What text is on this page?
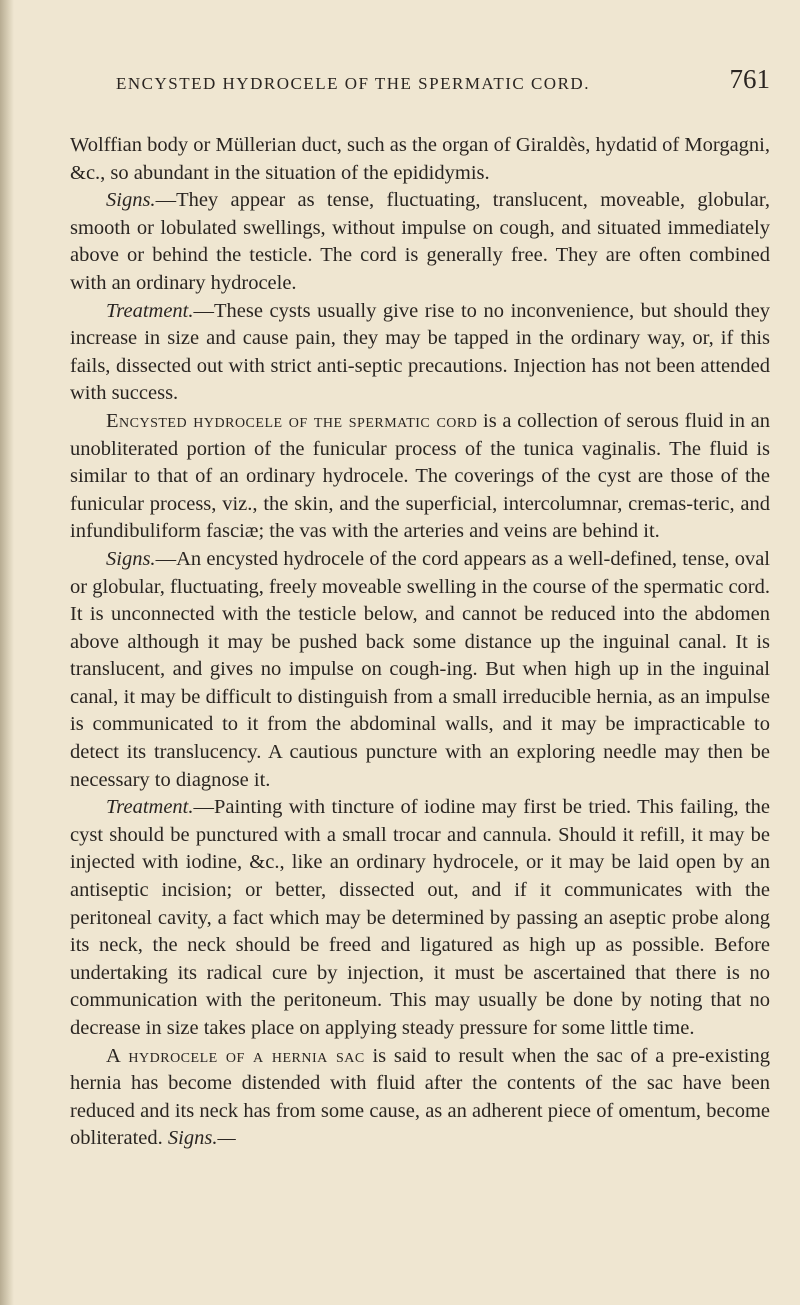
ENCYSTED HYDROCELE OF THE SPERMATIC CORD.	761

Wolffian body or Müllerian duct, such as the organ of Giraldès, hydatid of Morgagni, &c., so abundant in the situation of the epididymis.

Signs.—They appear as tense, fluctuating, translucent, moveable, globular, smooth or lobulated swellings, without impulse on cough, and situated immediately above or behind the testicle. The cord is generally free. They are often combined with an ordinary hydrocele.

Treatment.—These cysts usually give rise to no inconvenience, but should they increase in size and cause pain, they may be tapped in the ordinary way, or, if this fails, dissected out with strict anti-septic precautions. Injection has not been attended with success.

Encysted hydrocele of the spermatic cord is a collection of serous fluid in an unobliterated portion of the funicular process of the tunica vaginalis. The fluid is similar to that of an ordinary hydrocele. The coverings of the cyst are those of the funicular process, viz., the skin, and the superficial, intercolumnar, cremas-teric, and infundibuliform fasciæ; the vas with the arteries and veins are behind it.

Signs.—An encysted hydrocele of the cord appears as a well-defined, tense, oval or globular, fluctuating, freely moveable swelling in the course of the spermatic cord. It is unconnected with the testicle below, and cannot be reduced into the abdomen above although it may be pushed back some distance up the inguinal canal. It is translucent, and gives no impulse on cough-ing. But when high up in the inguinal canal, it may be difficult to distinguish from a small irreducible hernia, as an impulse is communicated to it from the abdominal walls, and it may be impracticable to detect its translucency. A cautious puncture with an exploring needle may then be necessary to diagnose it.

Treatment.—Painting with tincture of iodine may first be tried. This failing, the cyst should be punctured with a small trocar and cannula. Should it refill, it may be injected with iodine, &c., like an ordinary hydrocele, or it may be laid open by an antiseptic incision; or better, dissected out, and if it communicates with the peritoneal cavity, a fact which may be determined by passing an aseptic probe along its neck, the neck should be freed and ligatured as high up as possible. Before undertaking its radical cure by injection, it must be ascertained that there is no communication with the peritoneum. This may usually be done by noting that no decrease in size takes place on applying steady pressure for some little time.

A hydrocele of a hernia sac is said to result when the sac of a pre-existing hernia has become distended with fluid after the contents of the sac have been reduced and its neck has from some cause, as an adherent piece of omentum, become obliterated. Signs.—
